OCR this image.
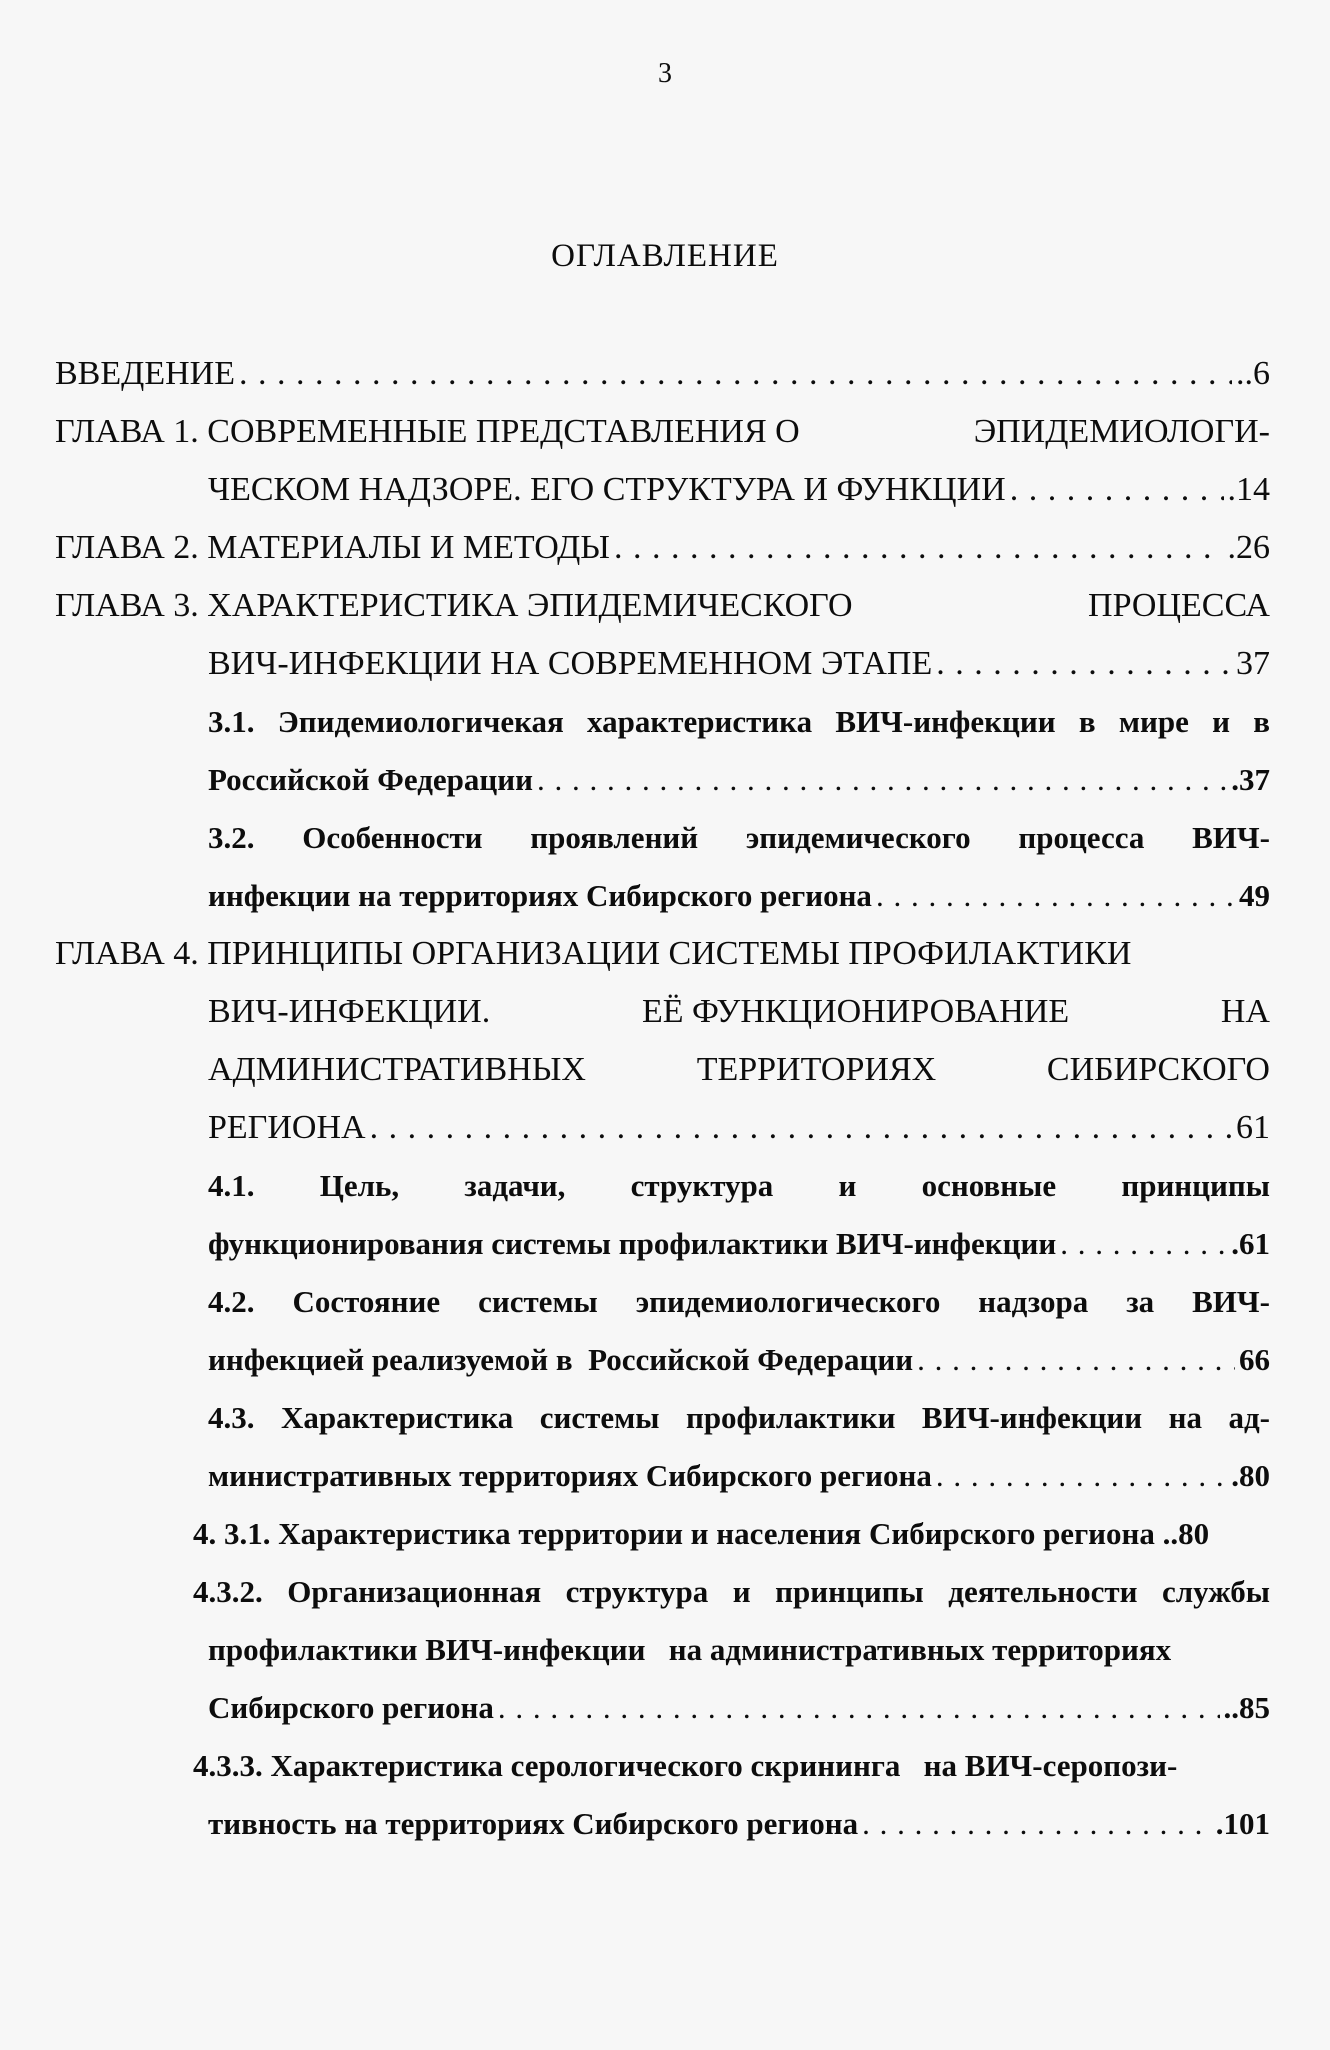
3
ОГЛАВЛЕНИЕ
ВВЕДЕНИЕ . . .	..6
ГЛАВА 1. СОВРЕМЕННЫЕ ПРЕДСТАВЛЕНИЯ О	ЭПИДЕМИОЛОГИ-
ЧЕСКОМ НАДЗОРЕ. ЕГО СТРУКТУРА И ФУНКЦИИ . . .	.14
ГЛАВА 2. МАТЕРИАЛЫ И МЕТОДЫ . . .	.26
ГЛАВА 3. ХАРАКТЕРИСТИКА ЭПИДЕМИЧЕСКОГО	ПРОЦЕССА
ВИЧ-ИНФЕКЦИИ НА СОВРЕМЕННОМ ЭТАПЕ . . .	37
3.1. Эпидемиологичекая характеристика ВИЧ-инфекции в мире и в
Российской Федерации . . .	.37
3.2. Особенности проявлений эпидемического процесса ВИЧ-
инфекции на территориях Сибирского региона . . .	49
ГЛАВА 4. ПРИНЦИПЫ ОРГАНИЗАЦИИ СИСТЕМЫ ПРОФИЛАКТИКИ
ВИЧ-ИНФЕКЦИИ.	ЕЁ ФУНКЦИОНИРОВАНИЕ	НА
АДМИНИСТРАТИВНЫХ	ТЕРРИТОРИЯХ	СИБИРСКОГО
РЕГИОНА . . .	61
4.1. Цель, задачи, структура и основные принципы
функционирования системы профилактики ВИЧ-инфекции . . .	.61
4.2. Состояние системы эпидемиологического надзора за ВИЧ-
инфекцией реализуемой в  Российской Федерации . . .	66
4.3. Характеристика системы профилактики ВИЧ-инфекции на ад-
министративных территориях Сибирского региона . . .	.80
4. 3.1. Характеристика территории и населения Сибирского региона ..80
4.3.2. Организационная структура и принципы деятельности службы
профилактики ВИЧ-инфекции   на административных территориях
Сибирского региона . . .	..85
4.3.3. Характеристика серологического скрининга   на ВИЧ-серопози-
тивность на территориях Сибирского региона . . .	.101
